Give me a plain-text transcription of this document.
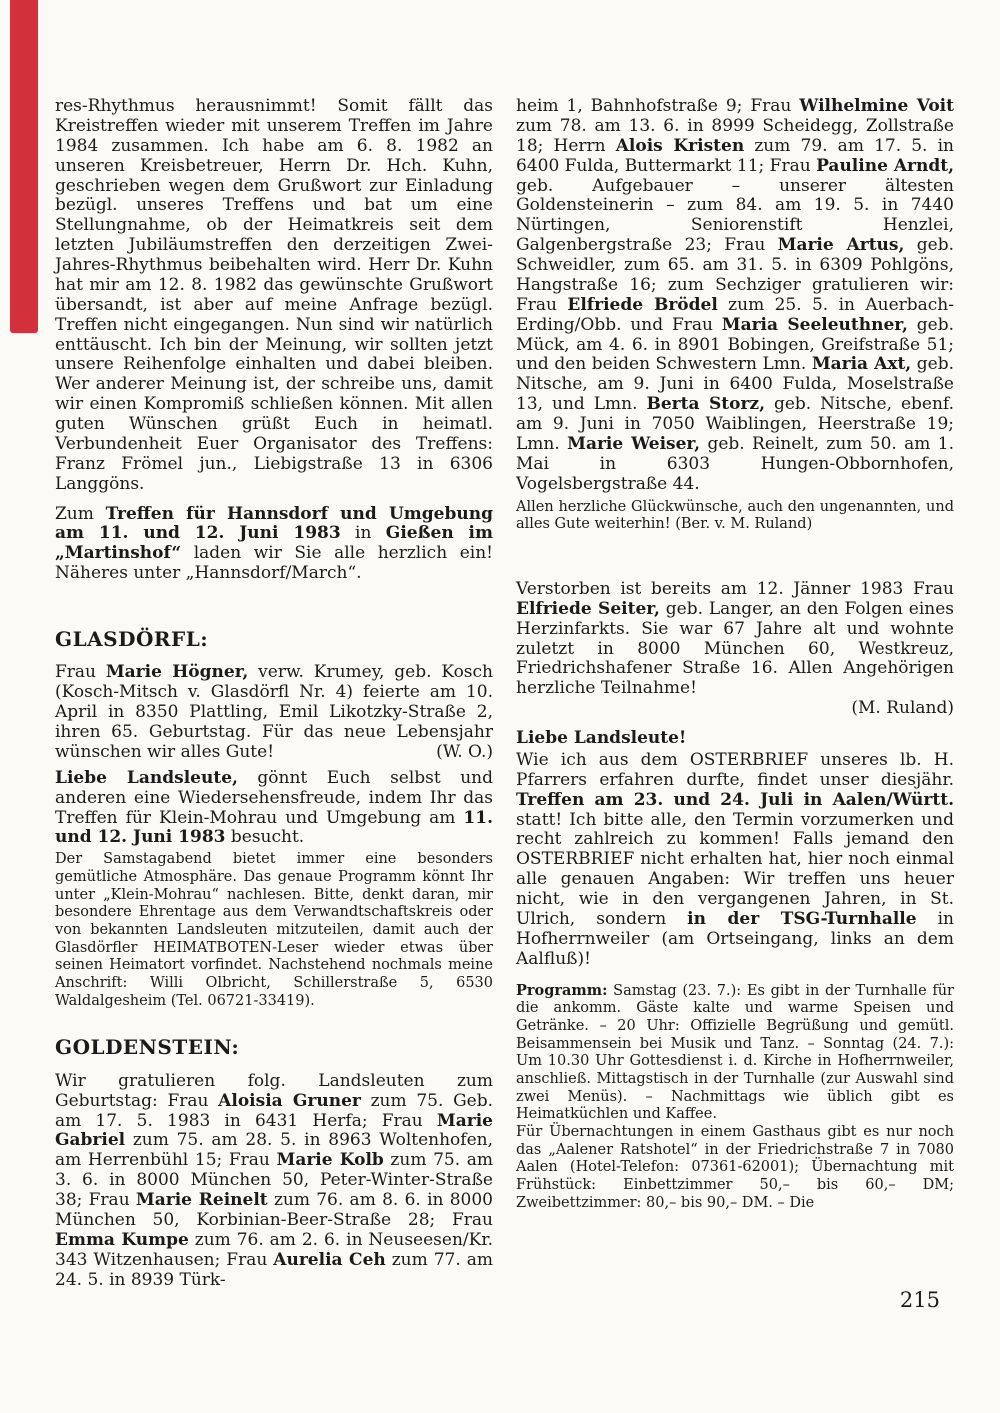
res-Rhythmus herausnimmt! Somit fällt das Kreistreffen wieder mit unserem Treffen im Jahre 1984 zusammen. Ich habe am 6. 8. 1982 an unseren Kreisbetreuer, Herrn Dr. Hch. Kuhn, geschrieben wegen dem Grußwort zur Einladung bezügl. unseres Treffens und bat um eine Stellungnahme, ob der Heimatkreis seit dem letzten Jubiläumstreffen den derzeitigen Zwei-Jahres-Rhythmus beibehalten wird. Herr Dr. Kuhn hat mir am 12. 8. 1982 das gewünschte Grußwort übersandt, ist aber auf meine Anfrage bezügl. Treffen nicht eingegangen. Nun sind wir natürlich enttäuscht. Ich bin der Meinung, wir sollten jetzt unsere Reihenfolge einhalten und dabei bleiben. Wer anderer Meinung ist, der schreibe uns, damit wir einen Kompromiß schließen können. Mit allen guten Wünschen grüßt Euch in heimatl. Verbundenheit Euer Organisator des Treffens: Franz Frömel jun., Liebigstraße 13 in 6306 Langgöns.

Zum Treffen für Hannsdorf und Umgebung am 11. und 12. Juni 1983 in Gießen im „Martinshof“ laden wir Sie alle herzlich ein! Näheres unter „Hannsdorf/March“.

GLASDÖRFL:

Frau Marie Högner, verw. Krumey, geb. Kosch (Kosch-Mitsch v. Glasdörfl Nr. 4) feierte am 10. April in 8350 Plattling, Emil Likotzky-Straße 2, ihren 65. Geburtstag. Für das neue Lebensjahr wünschen wir alles Gute!	(W. O.)

Liebe Landsleute, gönnt Euch selbst und anderen eine Wiedersehensfreude, indem Ihr das Treffen für Klein-Mohrau und Umgebung am 11. und 12. Juni 1983 besucht.

Der Samstagabend bietet immer eine besonders gemütliche Atmosphäre. Das genaue Programm könnt Ihr unter „Klein-Mohrau“ nachlesen. Bitte, denkt daran, mir besondere Ehrentage aus dem Verwandtschaftskreis oder von bekannten Landsleuten mitzuteilen, damit auch der Glasdörfler HEIMATBOTEN-Leser wieder etwas über seinen Heimatort vorfindet. Nachstehend nochmals meine Anschrift: Willi Olbricht, Schillerstraße 5, 6530 Waldalgesheim (Tel. 06721-33419).

GOLDENSTEIN:

Wir gratulieren folg. Landsleuten zum Geburtstag: Frau Aloisia Gruner zum 75. Geb. am 17. 5. 1983 in 6431 Herfa; Frau Marie Gabriel zum 75. am 28. 5. in 8963 Woltenhofen, am Herrenbühl 15; Frau Marie Kolb zum 75. am 3. 6. in 8000 München 50, Peter-Winter-Straße 38; Frau Marie Reinelt zum 76. am 8. 6. in 8000 München 50, Korbinian-Beer-Straße 28; Frau Emma Kumpe zum 76. am 2. 6. in Neuseesen/Kr. 343 Witzenhausen; Frau Aurelia Ceh zum 77. am 24. 5. in 8939 Türk-

heim 1, Bahnhofstraße 9; Frau Wilhelmine Voit zum 78. am 13. 6. in 8999 Scheidegg, Zollstraße 18; Herrn Alois Kristen zum 79. am 17. 5. in 6400 Fulda, Buttermarkt 11; Frau Pauline Arndt, geb. Aufgebauer – unserer ältesten Goldensteinerin – zum 84. am 19. 5. in 7440 Nürtingen, Seniorenstift Henzlei, Galgenbergstraße 23; Frau Marie Artus, geb. Schweidler, zum 65. am 31. 5. in 6309 Pohlgöns, Hangstraße 16; zum Sechziger gratulieren wir: Frau Elfriede Brödel zum 25. 5. in Auerbach-Erding/Obb. und Frau Maria Seeleuthner, geb. Mück, am 4. 6. in 8901 Bobingen, Greifstraße 51; und den beiden Schwestern Lmn. Maria Axt, geb. Nitsche, am 9. Juni in 6400 Fulda, Moselstraße 13, und Lmn. Berta Storz, geb. Nitsche, ebenf. am 9. Juni in 7050 Waiblingen, Heerstraße 19; Lmn. Marie Weiser, geb. Reinelt, zum 50. am 1. Mai in 6303 Hungen-Obbornhofen, Vogelsbergstraße 44.

Allen herzliche Glückwünsche, auch den ungenannten, und alles Gute weiterhin! (Ber. v. M. Ruland)

Verstorben ist bereits am 12. Jänner 1983 Frau Elfriede Seiter, geb. Langer, an den Folgen eines Herzinfarkts. Sie war 67 Jahre alt und wohnte zuletzt in 8000 München 60, Westkreuz, Friedrichshafener Straße 16. Allen Angehörigen herzliche Teilnahme!

(M. Ruland)

Liebe Landsleute!

Wie ich aus dem OSTERBRIEF unseres lb. H. Pfarrers erfahren durfte, findet unser diesjähr. Treffen am 23. und 24. Juli in Aalen/Württ. statt! Ich bitte alle, den Termin vorzumerken und recht zahlreich zu kommen! Falls jemand den OSTERBRIEF nicht erhalten hat, hier noch einmal alle genauen Angaben: Wir treffen uns heuer nicht, wie in den vergangenen Jahren, in St. Ulrich, sondern in der TSG-Turnhalle in Hofherrnweiler (am Ortseingang, links an dem Aalfluß)!

Programm: Samstag (23. 7.): Es gibt in der Turnhalle für die ankomm. Gäste kalte und warme Speisen und Getränke. – 20 Uhr: Offizielle Begrüßung und gemütl. Beisammensein bei Musik und Tanz. – Sonntag (24. 7.): Um 10.30 Uhr Gottesdienst i. d. Kirche in Hofherrnweiler, anschließ. Mittagstisch in der Turnhalle (zur Auswahl sind zwei Menüs). – Nachmittags wie üblich gibt es Heimatküchlen und Kaffee.

Für Übernachtungen in einem Gasthaus gibt es nur noch das „Aalener Ratshotel“ in der Friedrichstraße 7 in 7080 Aalen (Hotel-Telefon: 07361-62001); Übernachtung mit Frühstück: Einbettzimmer 50,– bis 60,– DM; Zweibettzimmer: 80,– bis 90,– DM. – Die

215
